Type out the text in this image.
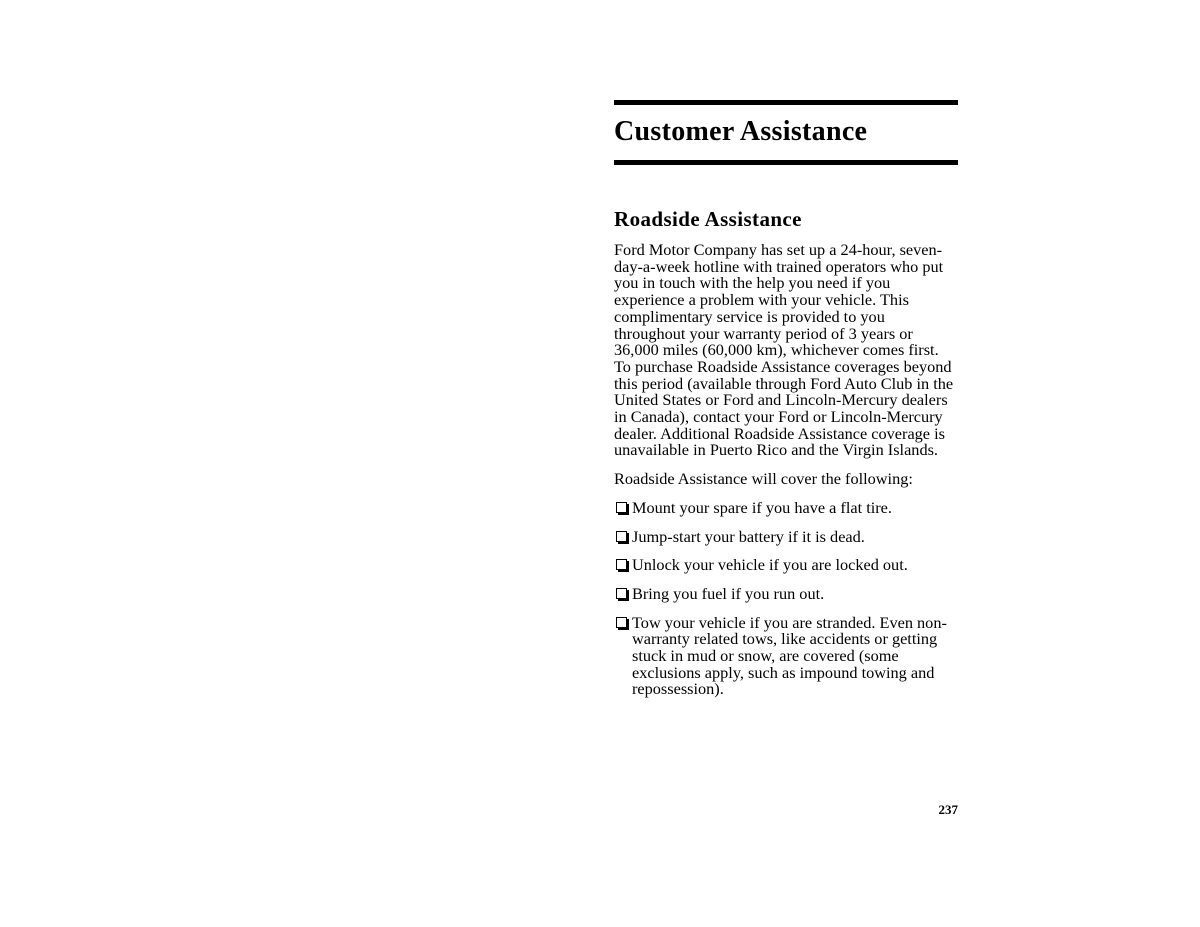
Customer Assistance
Roadside Assistance

Ford Motor Company has set up a 24-hour, seven-day-a-week hotline with trained operators who put you in touch with the help you need if you experience a problem with your vehicle. This complimentary service is provided to you throughout your warranty period of 3 years or 36,000 miles (60,000 km), whichever comes first. To purchase Roadside Assistance coverages beyond this period (available through Ford Auto Club in the United States or Ford and Lincoln-Mercury dealers in Canada), contact your Ford or Lincoln-Mercury dealer. Additional Roadside Assistance coverage is unavailable in Puerto Rico and the Virgin Islands.

Roadside Assistance will cover the following:

Mount your spare if you have a flat tire.
Jump-start your battery if it is dead.
Unlock your vehicle if you are locked out.
Bring you fuel if you run out.
Tow your vehicle if you are stranded. Even non-warranty related tows, like accidents or getting stuck in mud or snow, are covered (some exclusions apply, such as impound towing and repossession).
237
